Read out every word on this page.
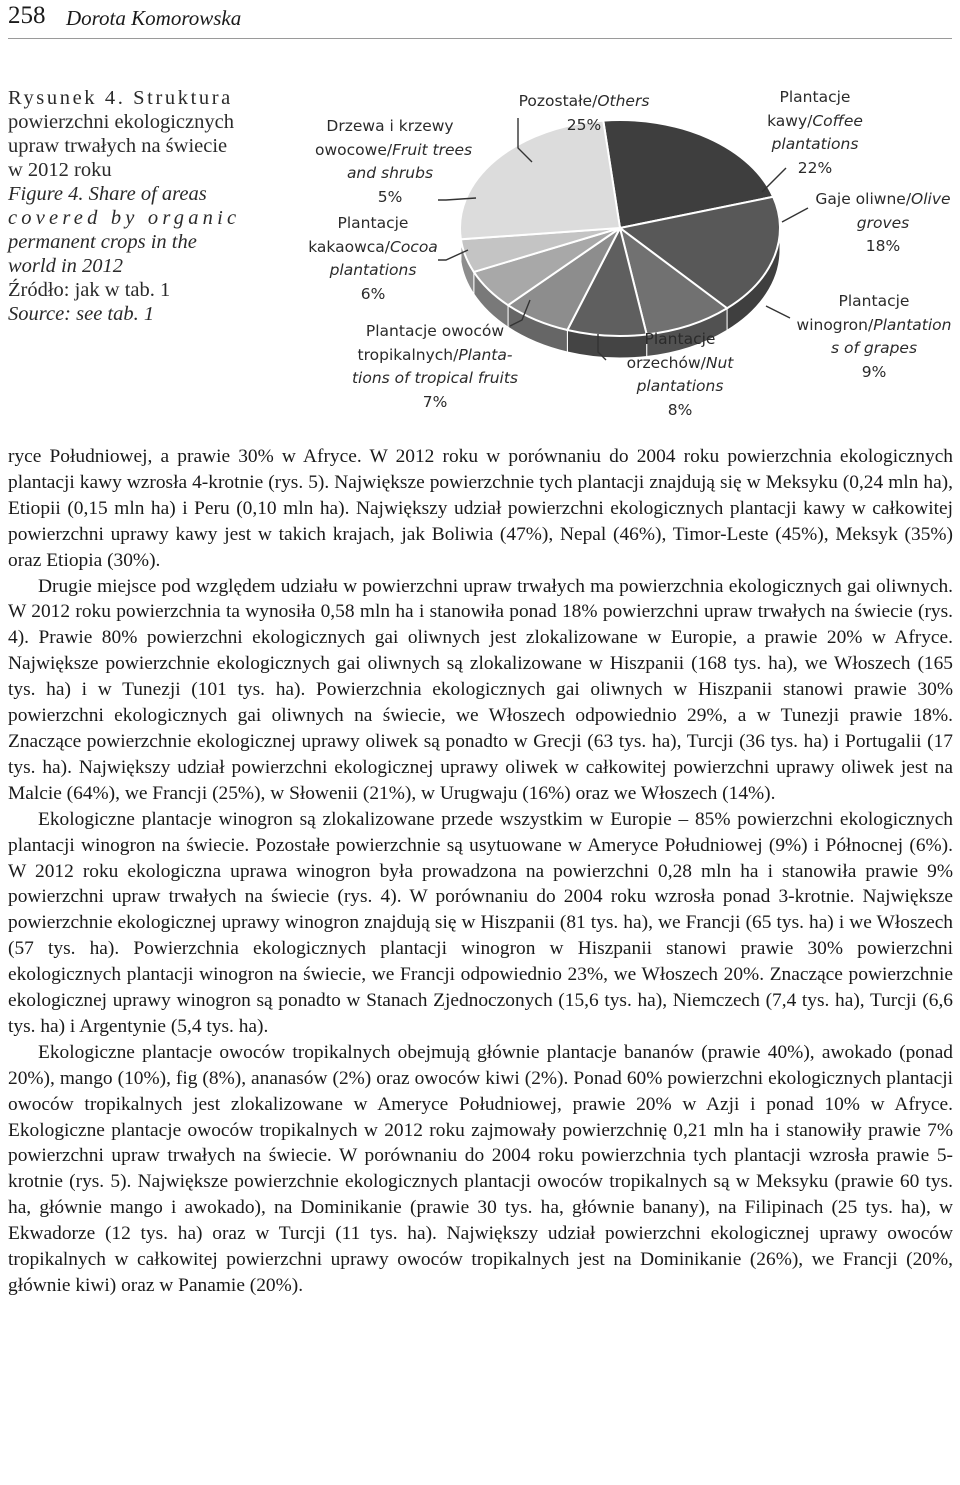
258 Dorota Komorowska
Rysunek 4. Struktura
powierzchni ekologicznych
upraw trwałych na świecie
w 2012 roku
Figure 4. Share of areas
covered by organic
permanent crops in the
world in 2012
Źródło: jak w tab. 1
Source: see tab. 1
Pozostałe/Others
25%
Plantacje
kawy/Coffee
plantations
22%
Gaje oliwne/Olive
groves
18%
Plantacje
winogron/Plantation
s of grapes
9%
Plantacje
orzechów/Nut
plantations
8%
Plantacje owoców
tropikalnych/Planta-
tions of tropical fruits
7%
Plantacje
kakaowca/Cocoa
plantations
6%
Drzewa i krzewy
owocowe/Fruit trees
and shrubs
5%

ryce Południowej, a prawie 30% w Afryce. W 2012 roku w porównaniu do 2004 roku powierzchnia ekologicznych plantacji kawy wzrosła 4-krotnie (rys. 5). Największe powierzchnie tych plantacji znajdują się w Meksyku (0,24 mln ha), Etiopii (0,15 mln ha) i Peru (0,10 mln ha). Największy udział powierzchni ekologicznych plantacji kawy w całkowitej powierzchni uprawy kawy jest w takich krajach, jak Boliwia (47%), Nepal (46%), Timor-Leste (45%), Meksyk (35%) oraz Etiopia (30%).

Drugie miejsce pod względem udziału w powierzchni upraw trwałych ma powierzchnia ekologicznych gai oliwnych. W 2012 roku powierzchnia ta wynosiła 0,58 mln ha i stanowiła ponad 18% powierzchni upraw trwałych na świecie (rys. 4). Prawie 80% powierzchni ekologicznych gai oliwnych jest zlokalizowane w Europie, a prawie 20% w Afryce. Największe powierzchnie ekologicznych gai oliwnych są zlokalizowane w Hiszpanii (168 tys. ha), we Włoszech (165 tys. ha) i w Tunezji (101 tys. ha). Powierzchnia ekologicznych gai oliwnych w Hiszpanii stanowi prawie 30% powierzchni ekologicznych gai oliwnych na świecie, we Włoszech odpowiednio 29%, a w Tunezji prawie 18%. Znaczące powierzchnie ekologicznej uprawy oliwek są ponadto w Grecji (63 tys. ha), Turcji (36 tys. ha) i Portugalii (17 tys. ha). Największy udział powierzchni ekologicznej uprawy oliwek w całkowitej powierzchni uprawy oliwek jest na Malcie (64%), we Francji (25%), w Słowenii (21%), w Urugwaju (16%) oraz we Włoszech (14%).

Ekologiczne plantacje winogron są zlokalizowane przede wszystkim w Europie – 85% powierzchni ekologicznych plantacji winogron na świecie. Pozostałe powierzchnie są usytuowane w Ameryce Południowej (9%) i Północnej (6%). W 2012 roku ekologiczna uprawa winogron była prowadzona na powierzchni 0,28 mln ha i stanowiła prawie 9% powierzchni upraw trwałych na świecie (rys. 4). W porównaniu do 2004 roku wzrosła ponad 3-krotnie. Największe powierzchnie ekologicznej uprawy winogron znajdują się w Hiszpanii (81 tys. ha), we Francji (65 tys. ha) i we Włoszech (57 tys. ha). Powierzchnia ekologicznych plantacji winogron w Hiszpanii stanowi prawie 30% powierzchni ekologicznych plantacji winogron na świecie, we Francji odpowiednio 23%, we Włoszech 20%. Znaczące powierzchnie ekologicznej uprawy winogron są ponadto w Stanach Zjednoczonych (15,6 tys. ha), Niemczech (7,4 tys. ha), Turcji (6,6 tys. ha) i Argentynie (5,4 tys. ha).

Ekologiczne plantacje owoców tropikalnych obejmują głównie plantacje bananów (prawie 40%), awokado (ponad 20%), mango (10%), fig (8%), ananasów (2%) oraz owoców kiwi (2%). Ponad 60% powierzchni ekologicznych plantacji owoców tropikalnych jest zlokalizowane w Ameryce Południowej, prawie 20% w Azji i ponad 10% w Afryce. Ekologiczne plantacje owoców tropikalnych w 2012 roku zajmowały powierzchnię 0,21 mln ha i stanowiły prawie 7% powierzchni upraw trwałych na świecie. W porównaniu do 2004 roku powierzchnia tych plantacji wzrosła prawie 5-krotnie (rys. 5). Największe powierzchnie ekologicznych plantacji owoców tropikalnych są w Meksyku (prawie 60 tys. ha, głównie mango i awokado), na Dominikanie (prawie 30 tys. ha, głównie banany), na Filipinach (25 tys. ha), w Ekwadorze (12 tys. ha) oraz w Turcji (11 tys. ha). Największy udział powierzchni ekologicznej uprawy owoców tropikalnych w całkowitej powierzchni uprawy owoców tropikalnych jest na Dominikanie (26%), we Francji (20%, głównie kiwi) oraz w Panamie (20%).
